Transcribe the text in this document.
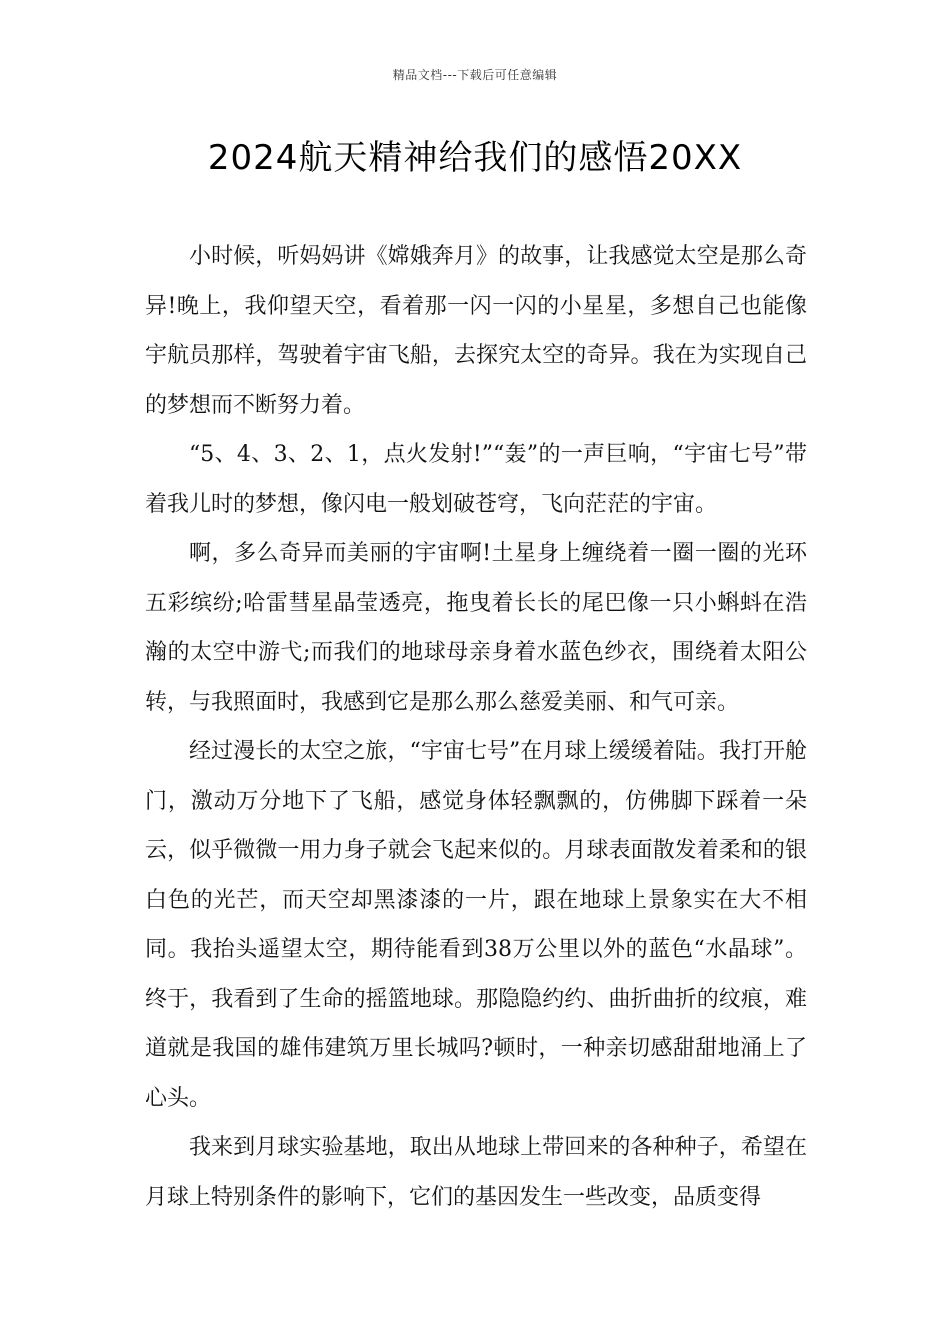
精品文档---下载后可任意编辑
2024航天精神给我们的感悟20XX

小时候，听妈妈讲《嫦娥奔月》的故事，让我感觉太空是那么奇异!晚上，我仰望天空，看着那一闪一闪的小星星，多想自己也能像宇航员那样，驾驶着宇宙飞船，去探究太空的奇异。我在为实现自己的梦想而不断努力着。

“5、4、3、2、1，点火发射!”“轰”的一声巨响，“宇宙七号”带着我儿时的梦想，像闪电一般划破苍穹，飞向茫茫的宇宙。

啊，多么奇异而美丽的宇宙啊!土星身上缠绕着一圈一圈的光环五彩缤纷;哈雷彗星晶莹透亮，拖曳着长长的尾巴像一只小蝌蚪在浩瀚的太空中游弋;而我们的地球母亲身着水蓝色纱衣，围绕着太阳公转，与我照面时，我感到它是那么那么慈爱美丽、和气可亲。

经过漫长的太空之旅，“宇宙七号”在月球上缓缓着陆。我打开舱门，激动万分地下了飞船，感觉身体轻飘飘的，仿佛脚下踩着一朵云，似乎微微一用力身子就会飞起来似的。月球表面散发着柔和的银白色的光芒，而天空却黑漆漆的一片，跟在地球上景象实在大不相同。我抬头遥望太空，期待能看到38万公里以外的蓝色“水晶球”。终于，我看到了生命的摇篮地球。那隐隐约约、曲折曲折的纹痕，难道就是我国的雄伟建筑万里长城吗?顿时，一种亲切感甜甜地涌上了心头。

我来到月球实验基地，取出从地球上带回来的各种种子，希望在月球上特别条件的影响下，它们的基因发生一些改变，品质变得
